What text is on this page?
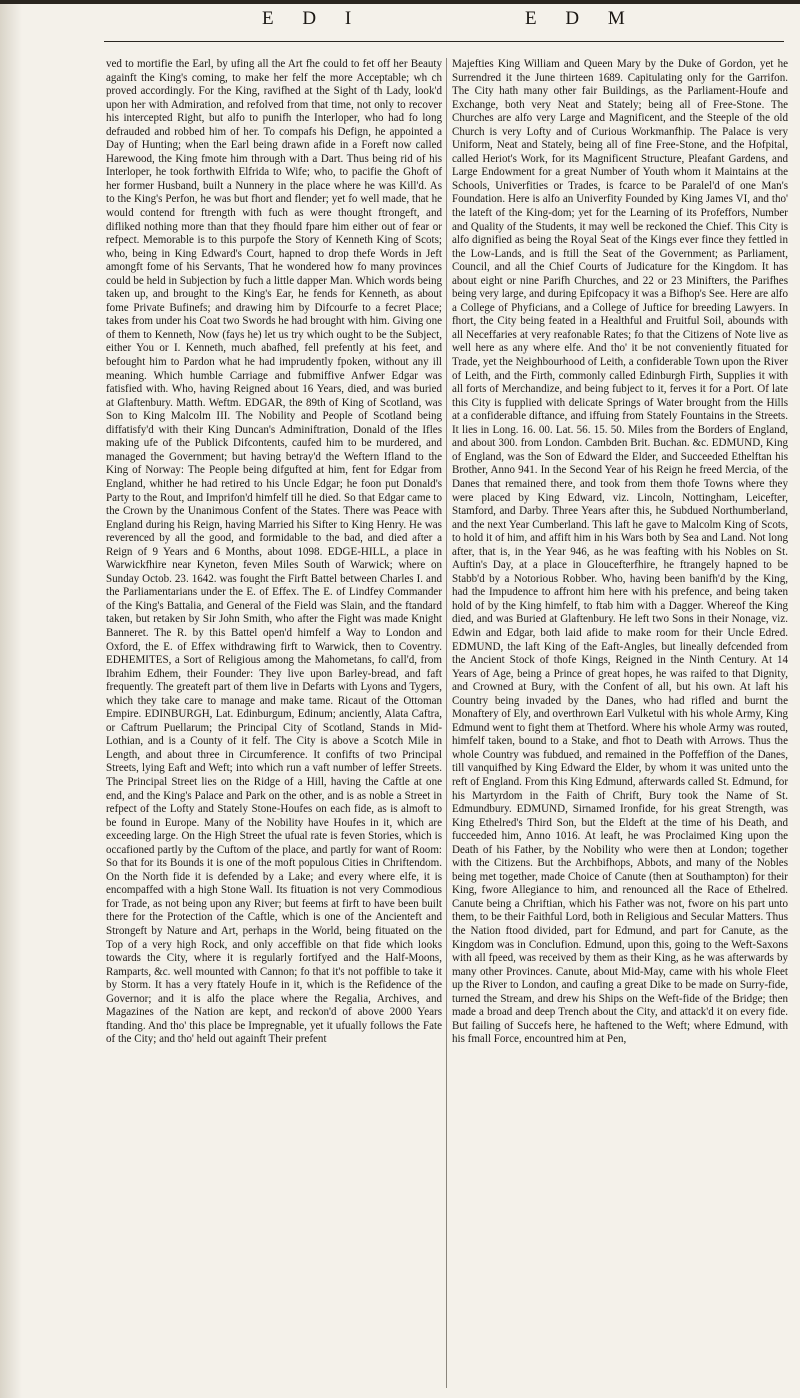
E D I	E D M

ved to mortifie the Earl, by ufing all the Art fhe could to fet off her Beauty againft the King's coming, to make her felf the more Acceptable; wh ch proved accordingly. For the King, ravifhed at the Sight of th Lady, look'd upon her with Admiration, and refolved from that time, not only to recover his intercepted Right, but alfo to punifh the Interloper, who had fo long defrauded and robbed him of her. To compafs his Defign, he appointed a Day of Hunting; when the Earl being drawn afide in a Foreft now called Harewood, the King fmote him through with a Dart. Thus being rid of his Interloper, he took forthwith Elfrida to Wife; who, to pacifie the Ghoft of her former Husband, built a Nunnery in the place where he was Kill'd. As to the King's Perfon, he was but fhort and flender; yet fo well made, that he would contend for ftrength with fuch as were thought ftrongeft, and difliked nothing more than that they fhould fpare him either out of fear or refpect. Memorable is to this purpofe the Story of Kenneth King of Scots; who, being in King Edward's Court, hapned to drop thefe Words in Jeft amongft fome of his Servants, That he wondered how fo many provinces could be held in Subjection by fuch a little dapper Man. Which words being taken up, and brought to the King's Ear, he fends for Kenneth, as about fome Private Bufinefs; and drawing him by Difcourfe to a fecret Place; takes from under his Coat two Swords he had brought with him. Giving one of them to Kenneth, Now (fays he) let us try which ought to be the Subject, either You or I. Kenneth, much abafhed, fell prefently at his feet, and befought him to Pardon what he had imprudently fpoken, without any ill meaning. Which humble Carriage and fubmiffive Anfwer Edgar was fatisfied with. Who, having Reigned about 16 Years, died, and was buried at Glaftenbury. Matth. Weftm. EDGAR, the 89th of King of Scotland, was Son to King Malcolm III. The Nobility and People of Scotland being diffatisfy'd with their King Duncan's Adminiftration, Donald of the Ifles making ufe of the Publick Difcontents, caufed him to be murdered, and managed the Government; but having betray'd the Weftern Ifland to the King of Norway: The People being difgufted at him, fent for Edgar from England, whither he had retired to his Uncle Edgar; he foon put Donald's Party to the Rout, and Imprifon'd himfelf till he died. So that Edgar came to the Crown by the Unanimous Confent of the States. There was Peace with England during his Reign, having Married his Sifter to King Henry. He was reverenced by all the good, and formidable to the bad, and died after a Reign of 9 Years and 6 Months, about 1098. EDGE-HILL, a place in Warwickfhire near Kyneton, feven Miles South of Warwick; where on Sunday Octob. 23. 1642. was fought the Firft Battel between Charles I. and the Parliamentarians under the E. of Effex. The E. of Lindfey Commander of the King's Battalia, and General of the Field was Slain, and the ftandard taken, but retaken by Sir John Smith, who after the Fight was made Knight Banneret. The R. by this Battel open'd himfelf a Way to London and Oxford, the E. of Effex withdrawing firft to Warwick, then to Coventry. EDHEMITES, a Sort of Religious among the Mahometans, fo call'd, from Ibrahim Edhem, their Founder: They live upon Barley-bread, and faft frequently. The greateft part of them live in Defarts with Lyons and Tygers, which they take care to manage and make tame. Ricaut of the Ottoman Empire. EDINBURGH, Lat. Edinburgum, Edinum; anciently, Alata Caftra, or Caftrum Puellarum; the Principal City of Scotland, Stands in Mid-Lothian, and is a County of it felf. The City is above a Scotch Mile in Length, and about three in Circumference. It confifts of two Principal Streets, lying Eaft and Weft; into which run a vaft number of leffer Streets. The Principal Street lies on the Ridge of a Hill, having the Caftle at one end, and the King's Palace and Park on the other, and is as noble a Street in refpect of the Lofty and Stately Stone-Houfes on each fide, as is almoft to be found in Europe. Many of the Nobility have Houfes in it, which are exceeding large. On the High Street the ufual rate is feven Stories, which is occafioned partly by the Cuftom of the place, and partly for want of Room: So that for its Bounds it is one of the moft populous Cities in Chriftendom. On the North fide it is defended by a Lake; and every where elfe, it is encompaffed with a high Stone Wall. Its fituation is not very Commodious for Trade, as not being upon any River; but feems at firft to have been built there for the Protection of the Caftle, which is one of the Ancienteft and Strongeft by Nature and Art, perhaps in the World, being fituated on the Top of a very high Rock, and only acceffible on that fide which looks towards the City, where it is regularly fortifyed and the Half-Moons, Ramparts, &c. well mounted with Cannon; fo that it's not poffible to take it by Storm. It has a very ftately Houfe in it, which is the Refidence of the Governor; and it is alfo the place where the Regalia, Archives, and Magazines of the Nation are kept, and reckon'd of above 2000 Years ftanding. And tho' this place be Impregnable, yet it ufually follows the Fate of the City; and tho' held out againft Their prefent

Majefties King William and Queen Mary by the Duke of Gordon, yet he Surrendred it the June thirteen 1689. Capitulating only for the Garrifon. The City hath many other fair Buildings, as the Parliament-Houfe and Exchange, both very Neat and Stately; being all of Free-Stone. The Churches are alfo very Large and Magnificent, and the Steeple of the old Church is very Lofty and of Curious Workmanfhip. The Palace is very Uniform, Neat and Stately, being all of fine Free-Stone, and the Hofpital, called Heriot's Work, for its Magnificent Structure, Pleafant Gardens, and Large Endowment for a great Number of Youth whom it Maintains at the Schools, Univerfities or Trades, is fcarce to be Paralel'd of one Man's Foundation. Here is alfo an Univerfity Founded by King James VI, and tho' the lateft of the King-dom; yet for the Learning of its Profeffors, Number and Quality of the Students, it may well be reckoned the Chief. This City is alfo dignified as being the Royal Seat of the Kings ever fince they fettled in the Low-Lands, and is ftill the Seat of the Government; as Parliament, Council, and all the Chief Courts of Judicature for the Kingdom. It has about eight or nine Parifh Churches, and 22 or 23 Minifters, the Parifhes being very large, and during Epifcopacy it was a Bifhop's See. Here are alfo a College of Phyficians, and a College of Juftice for breeding Lawyers. In fhort, the City being feated in a Healthful and Fruitful Soil, abounds with all Neceffaries at very reafonable Rates; fo that the Citizens of Note live as well here as any where elfe. And tho' it be not conveniently fituated for Trade, yet the Neighbourhood of Leith, a confiderable Town upon the River of Leith, and the Firth, commonly called Edinburgh Firth, Supplies it with all forts of Merchandize, and being fubject to it, ferves it for a Port. Of late this City is fupplied with delicate Springs of Water brought from the Hills at a confiderable diftance, and iffuing from Stately Fountains in the Streets. It lies in Long. 16. 00. Lat. 56. 15. 50. Miles from the Borders of England, and about 300. from London. Cambden Brit. Buchan. &c. EDMUND, King of England, was the Son of Edward the Elder, and Succeeded Ethelftan his Brother, Anno 941. In the Second Year of his Reign he freed Mercia, of the Danes that remained there, and took from them thofe Towns where they were placed by King Edward, viz. Lincoln, Nottingham, Leicefter, Stamford, and Darby. Three Years after this, he Subdued Northumberland, and the next Year Cumberland. This laft he gave to Malcolm King of Scots, to hold it of him, and affift him in his Wars both by Sea and Land. Not long after, that is, in the Year 946, as he was feafting with his Nobles on St. Auftin's Day, at a place in Gloucefterfhire, he ftrangely hapned to be Stabb'd by a Notorious Robber. Who, having been banifh'd by the King, had the Impudence to affront him here with his prefence, and being taken hold of by the King himfelf, to ftab him with a Dagger. Whereof the King died, and was Buried at Glaftenbury. He left two Sons in their Nonage, viz. Edwin and Edgar, both laid afide to make room for their Uncle Edred. EDMUND, the laft King of the Eaft-Angles, but lineally defcended from the Ancient Stock of thofe Kings, Reigned in the Ninth Century. At 14 Years of Age, being a Prince of great hopes, he was raifed to that Dignity, and Crowned at Bury, with the Confent of all, but his own. At laft his Country being invaded by the Danes, who had rifled and burnt the Monaftery of Ely, and overthrown Earl Vulketul with his whole Army, King Edmund went to fight them at Thetford. Where his whole Army was routed, himfelf taken, bound to a Stake, and fhot to Death with Arrows. Thus the whole Country was fubdued, and remained in the Poffeffion of the Danes, till vanquifhed by King Edward the Elder, by whom it was united unto the reft of England. From this King Edmund, afterwards called St. Edmund, for his Martyrdom in the Faith of Chrift, Bury took the Name of St. Edmundbury. EDMUND, Sirnamed Ironfide, for his great Strength, was King Ethelred's Third Son, but the Eldeft at the time of his Death, and fucceeded him, Anno 1016. At leaft, he was Proclaimed King upon the Death of his Father, by the Nobility who were then at London; together with the Citizens. But the Archbifhops, Abbots, and many of the Nobles being met together, made Choice of Canute (then at Southampton) for their King, fwore Allegiance to him, and renounced all the Race of Ethelred. Canute being a Chriftian, which his Father was not, fwore on his part unto them, to be their Faithful Lord, both in Religious and Secular Matters. Thus the Nation ftood divided, part for Edmund, and part for Canute, as the Kingdom was in Conclufion. Edmund, upon this, going to the Weft-Saxons with all fpeed, was received by them as their King, as he was afterwards by many other Provinces. Canute, about Mid-May, came with his whole Fleet up the River to London, and caufing a great Dike to be made on Surry-fide, turned the Stream, and drew his Ships on the Weft-fide of the Bridge; then made a broad and deep Trench about the City, and attack'd it on every fide. But failing of Succefs here, he haftened to the Weft; where Edmund, with his fmall Force, encountred him at Pen,
